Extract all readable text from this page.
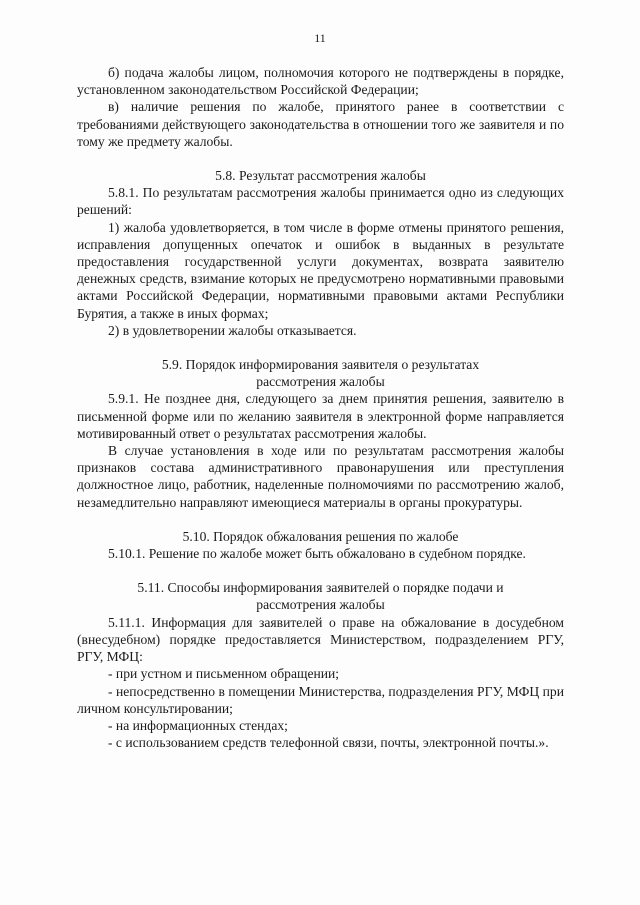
11

б) подача жалобы лицом, полномочия которого не подтверждены в порядке, установленном законодательством Российской Федерации;

в) наличие решения по жалобе, принятого ранее в соответствии с требованиями действующего законодательства в отношении того же заявителя и по тому же предмету жалобы.

5.8. Результат рассмотрения жалобы

5.8.1. По результатам рассмотрения жалобы принимается одно из следующих решений:

1) жалоба удовлетворяется, в том числе в форме отмены принятого решения, исправления допущенных опечаток и ошибок в выданных в результате предоставления государственной услуги документах, возврата заявителю денежных средств, взимание которых не предусмотрено нормативными правовыми актами Российской Федерации, нормативными правовыми актами Республики Бурятия, а также в иных формах;

2) в удовлетворении жалобы отказывается.

5.9. Порядок информирования заявителя о результатах
рассмотрения жалобы

5.9.1. Не позднее дня, следующего за днем принятия решения, заявителю в письменной форме или по желанию заявителя в электронной форме направляется мотивированный ответ о результатах рассмотрения жалобы.

В случае установления в ходе или по результатам рассмотрения жалобы признаков состава административного правонарушения или преступления должностное лицо, работник, наделенные полномочиями по рассмотрению жалоб, незамедлительно направляют имеющиеся материалы в органы прокуратуры.

5.10. Порядок обжалования решения по жалобе

5.10.1. Решение по жалобе может быть обжаловано в судебном порядке.

5.11. Способы информирования заявителей о порядке подачи и
рассмотрения жалобы

5.11.1. Информация для заявителей о праве на обжалование в досудебном (внесудебном) порядке предоставляется Министерством, подразделением РГУ, РГУ, МФЦ:

- при устном и письменном обращении;

- непосредственно в помещении Министерства, подразделения РГУ, МФЦ при личном консультировании;

- на информационных стендах;

- с использованием средств телефонной связи, почты, электронной почты.».
